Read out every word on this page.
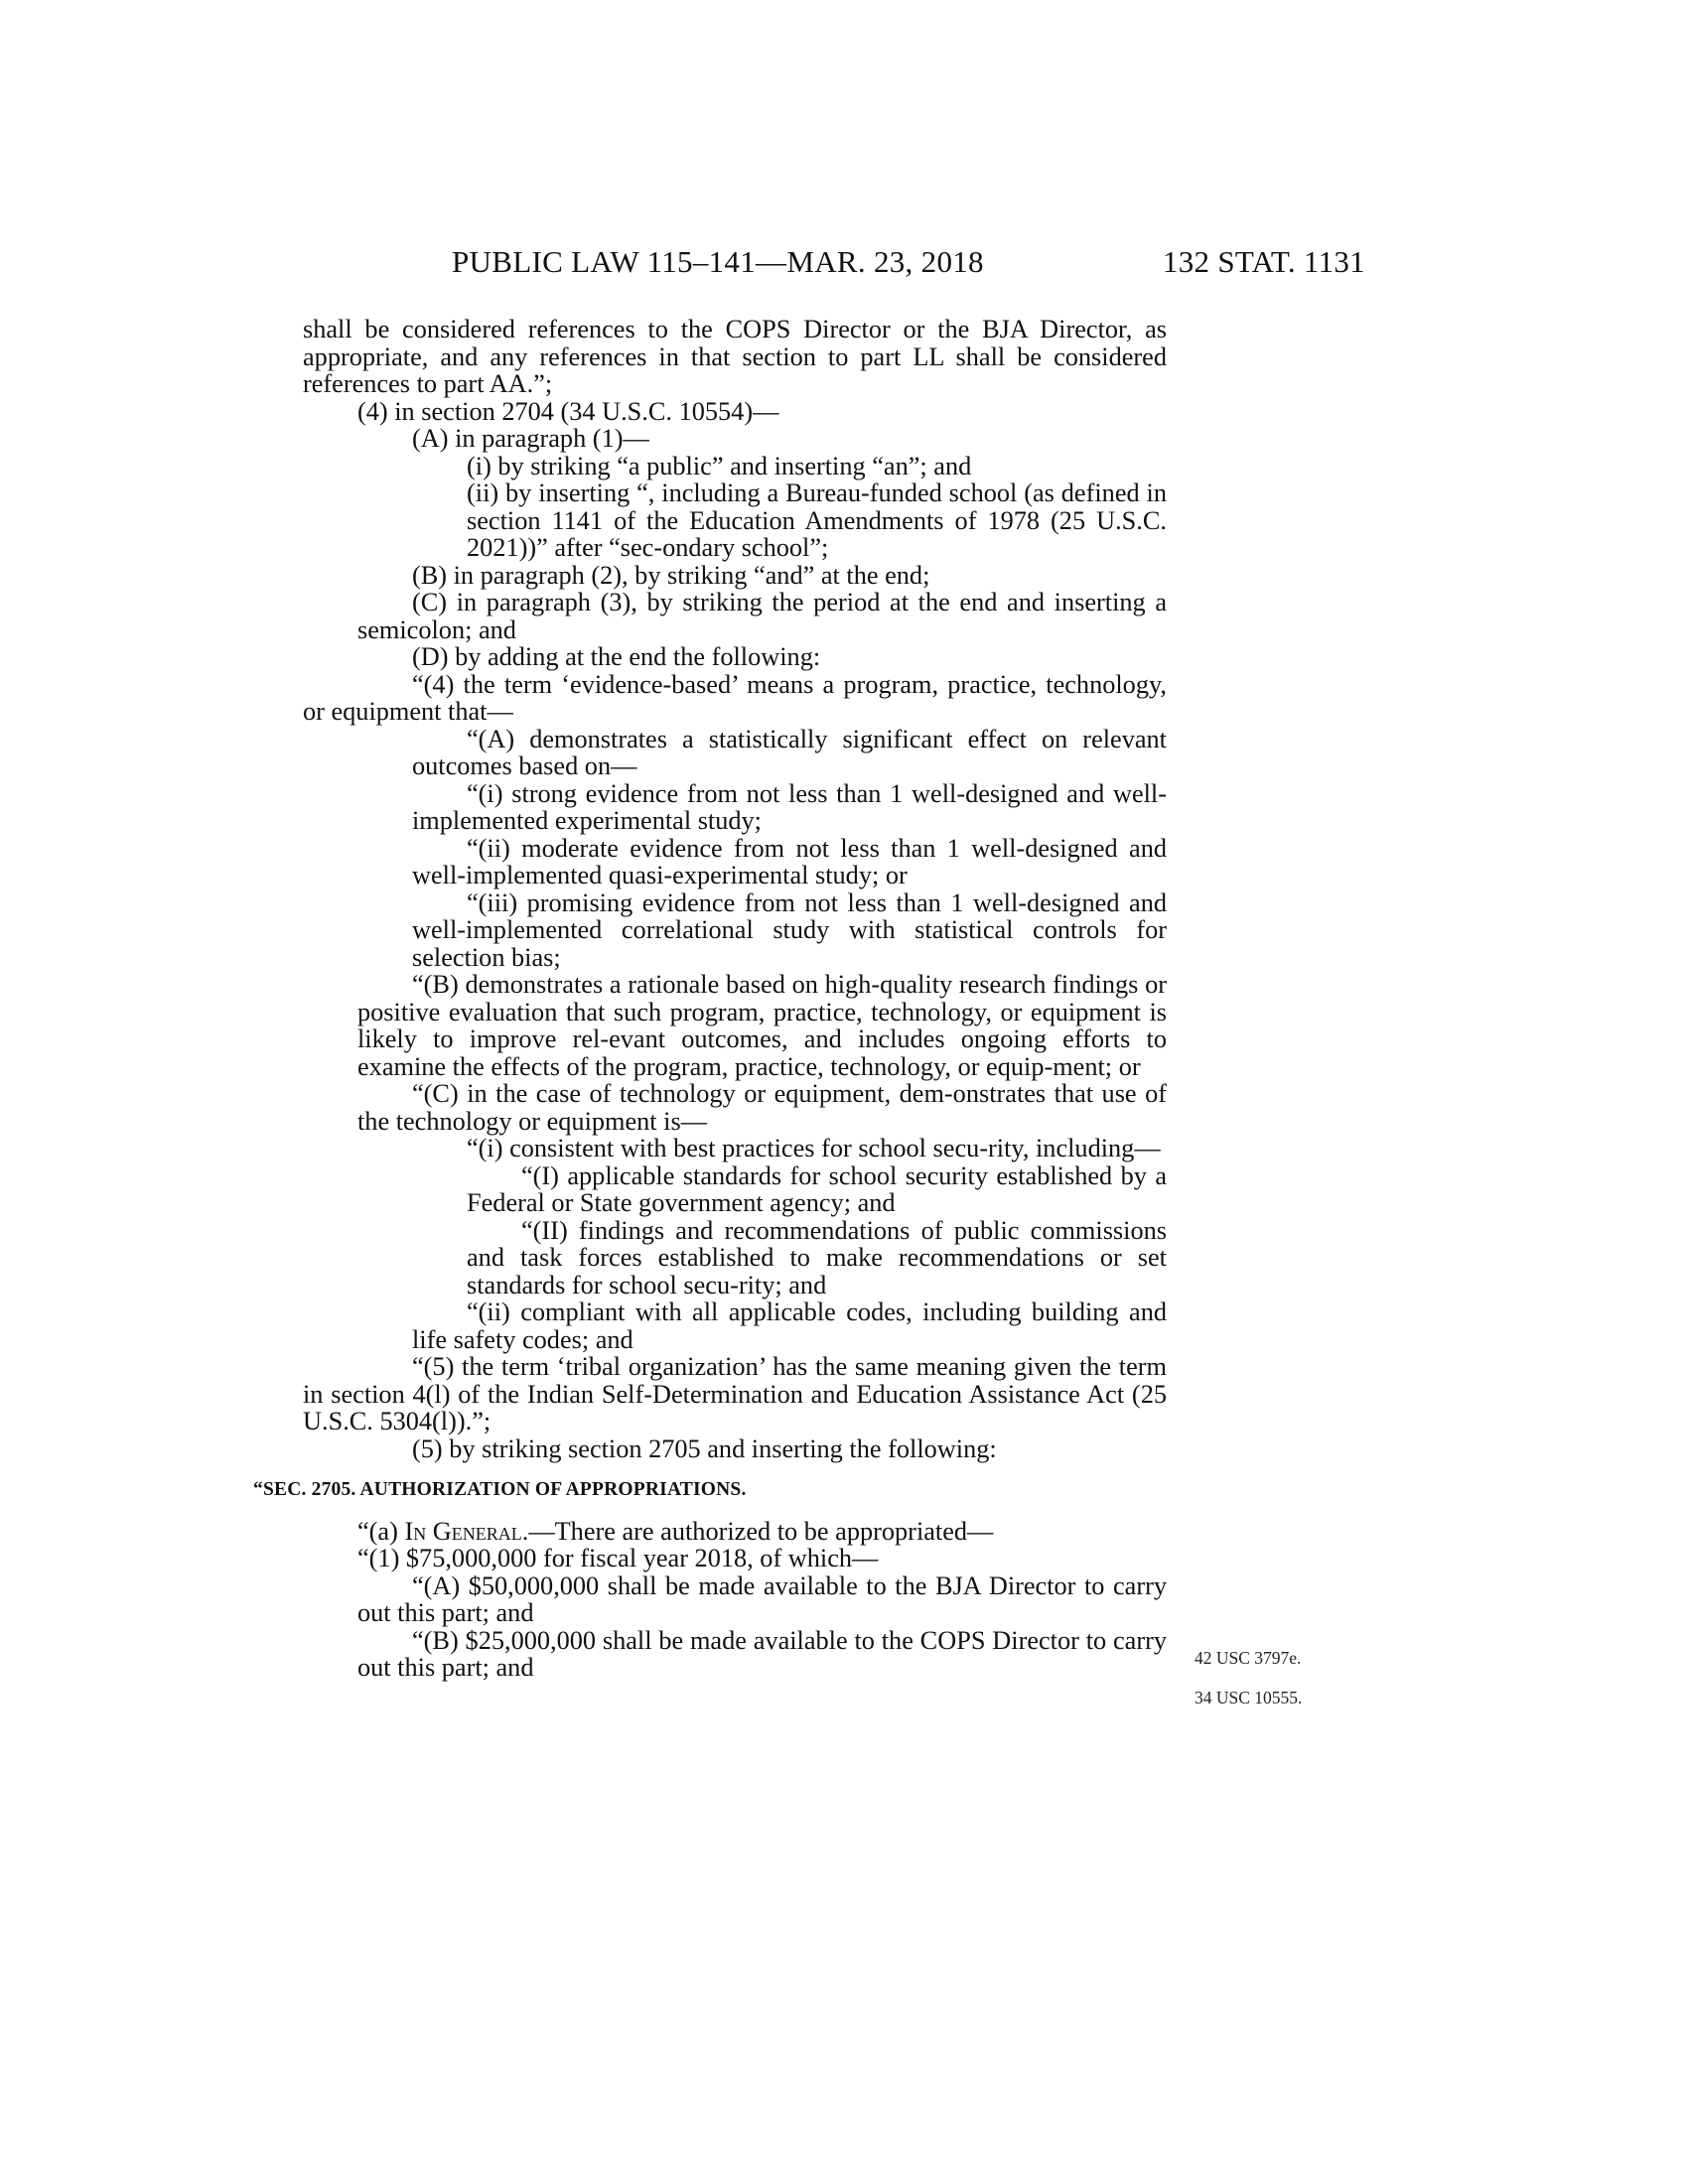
PUBLIC LAW 115–141—MAR. 23, 2018	132 STAT. 1131

shall be considered references to the COPS Director or the BJA Director, as appropriate, and any references in that section to part LL shall be considered references to part AA.”;

(4) in section 2704 (34 U.S.C. 10554)—

(A) in paragraph (1)—

(i) by striking “a public” and inserting “an”; and

(ii) by inserting “, including a Bureau-funded school (as defined in section 1141 of the Education Amendments of 1978 (25 U.S.C. 2021))” after “sec-ondary school”;

(B) in paragraph (2), by striking “and” at the end;

(C) in paragraph (3), by striking the period at the end and inserting a semicolon; and

(D) by adding at the end the following:

“(4) the term ‘evidence-based’ means a program, practice, technology, or equipment that—

“(A) demonstrates a statistically significant effect on relevant outcomes based on—

“(i) strong evidence from not less than 1 well-designed and well-implemented experimental study;

“(ii) moderate evidence from not less than 1 well-designed and well-implemented quasi-experimental study; or

“(iii) promising evidence from not less than 1 well-designed and well-implemented correlational study with statistical controls for selection bias;

“(B) demonstrates a rationale based on high-quality research findings or positive evaluation that such program, practice, technology, or equipment is likely to improve rel-evant outcomes, and includes ongoing efforts to examine the effects of the program, practice, technology, or equip-ment; or

“(C) in the case of technology or equipment, dem-onstrates that use of the technology or equipment is—

“(i) consistent with best practices for school secu-rity, including—

“(I) applicable standards for school security established by a Federal or State government agency; and

“(II) findings and recommendations of public commissions and task forces established to make recommendations or set standards for school secu-rity; and

“(ii) compliant with all applicable codes, including building and life safety codes; and

“(5) the term ‘tribal organization’ has the same meaning given the term in section 4(l) of the Indian Self-Determination and Education Assistance Act (25 U.S.C. 5304(l)).”;

(5) by striking section 2705 and inserting the following:

“SEC. 2705. AUTHORIZATION OF APPROPRIATIONS.

“(a) In General.—There are authorized to be appropriated—

“(1) $75,000,000 for fiscal year 2018, of which—

“(A) $50,000,000 shall be made available to the BJA Director to carry out this part; and

“(B) $25,000,000 shall be made available to the COPS Director to carry out this part; and	42 USC 3797e.
34 USC 10555.
